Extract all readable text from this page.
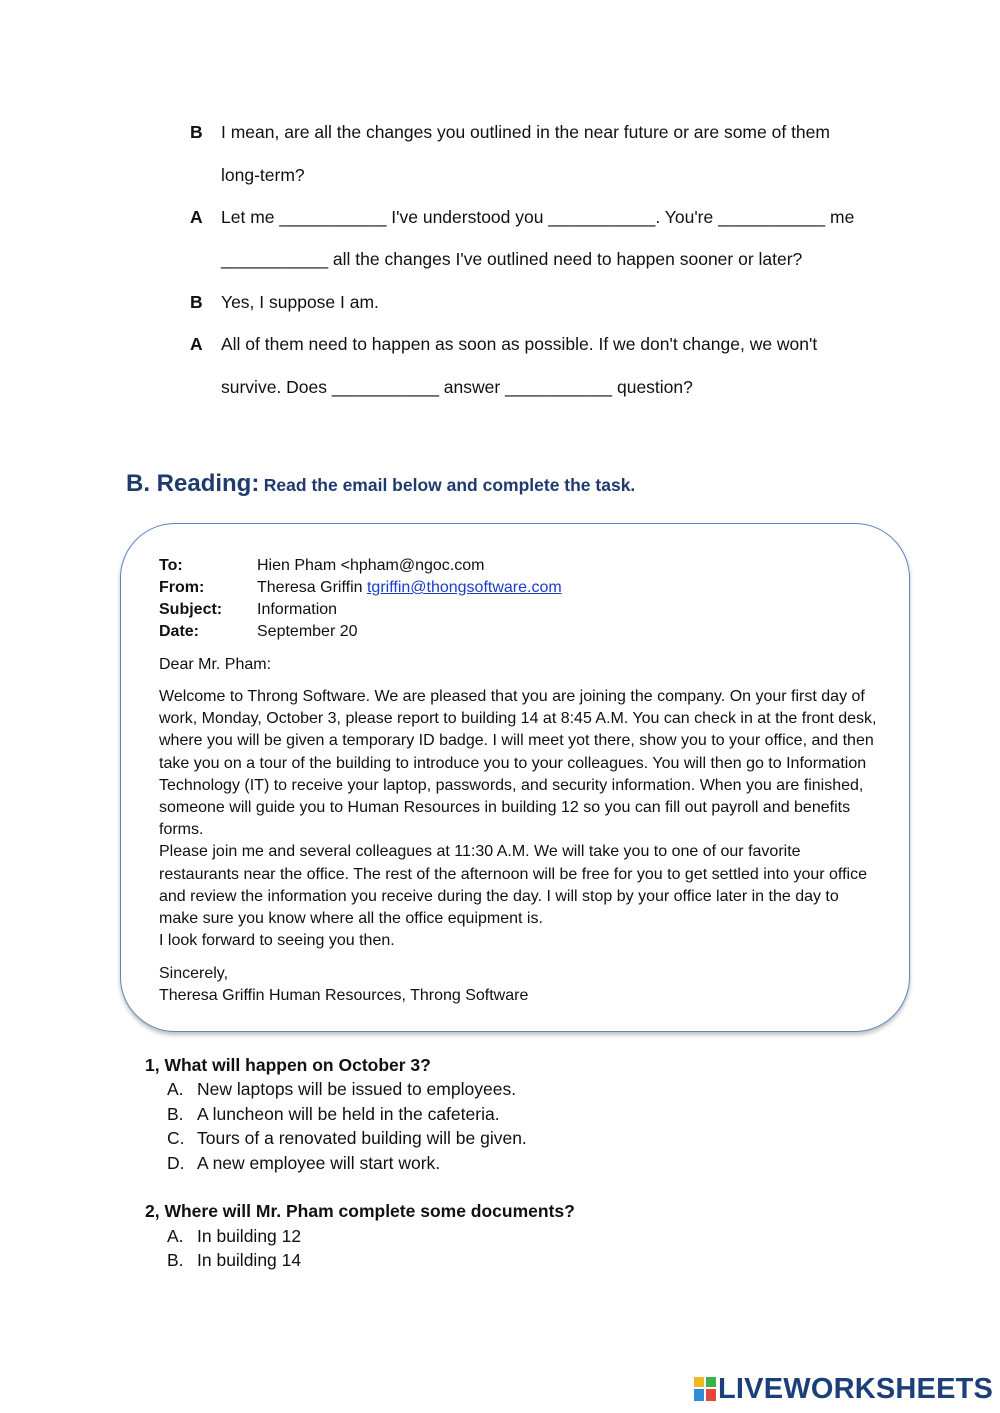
B I mean, are all the changes you outlined in the near future or are some of them
long-term?
A Let me ___________ I've understood you ___________. You're ___________ me
___________ all the changes I've outlined need to happen sooner or later?
B Yes, I suppose I am.
A All of them need to happen as soon as possible. If we don't change, we won't
survive. Does ___________ answer ___________ question?
B. Reading: Read the email below and complete the task.
To:	Hien Pham <hpham@ngoc.com
From:	Theresa Griffin tgriffin@thongsoftware.com
Subject: Information
Date:	September 20
Dear Mr. Pham:

Welcome to Throng Software. We are pleased that you are joining the company. On your first day of work, Monday, October 3, please report to building 14 at 8:45 A.M. You can check in at the front desk, where you will be given a temporary ID badge. I will meet yot there, show you to your office, and then take you on a tour of the building to introduce you to your colleagues. You will then go to Information Technology (IT) to receive your laptop, passwords, and security information. When you are finished, someone will guide you to Human Resources in building 12 so you can fill out payroll and benefits forms.

Please join me and several colleagues at 11:30 A.M. We will take you to one of our favorite restaurants near the office. The rest of the afternoon will be free for you to get settled into your office and review the information you receive during the day. I will stop by your office later in the day to make sure you know where all the office equipment is.

I look forward to seeing you then.

Sincerely,

Theresa Griffin Human Resources, Throng Software

1, What will happen on October 3?
A. New laptops will be issued to employees.
B. A luncheon will be held in the cafeteria.
C. Tours of a renovated building will be given.
D. A new employee will start work.
2, Where will Mr. Pham complete some documents?
A. In building 12
B. In building 14
LIVEWORKSHEETS
